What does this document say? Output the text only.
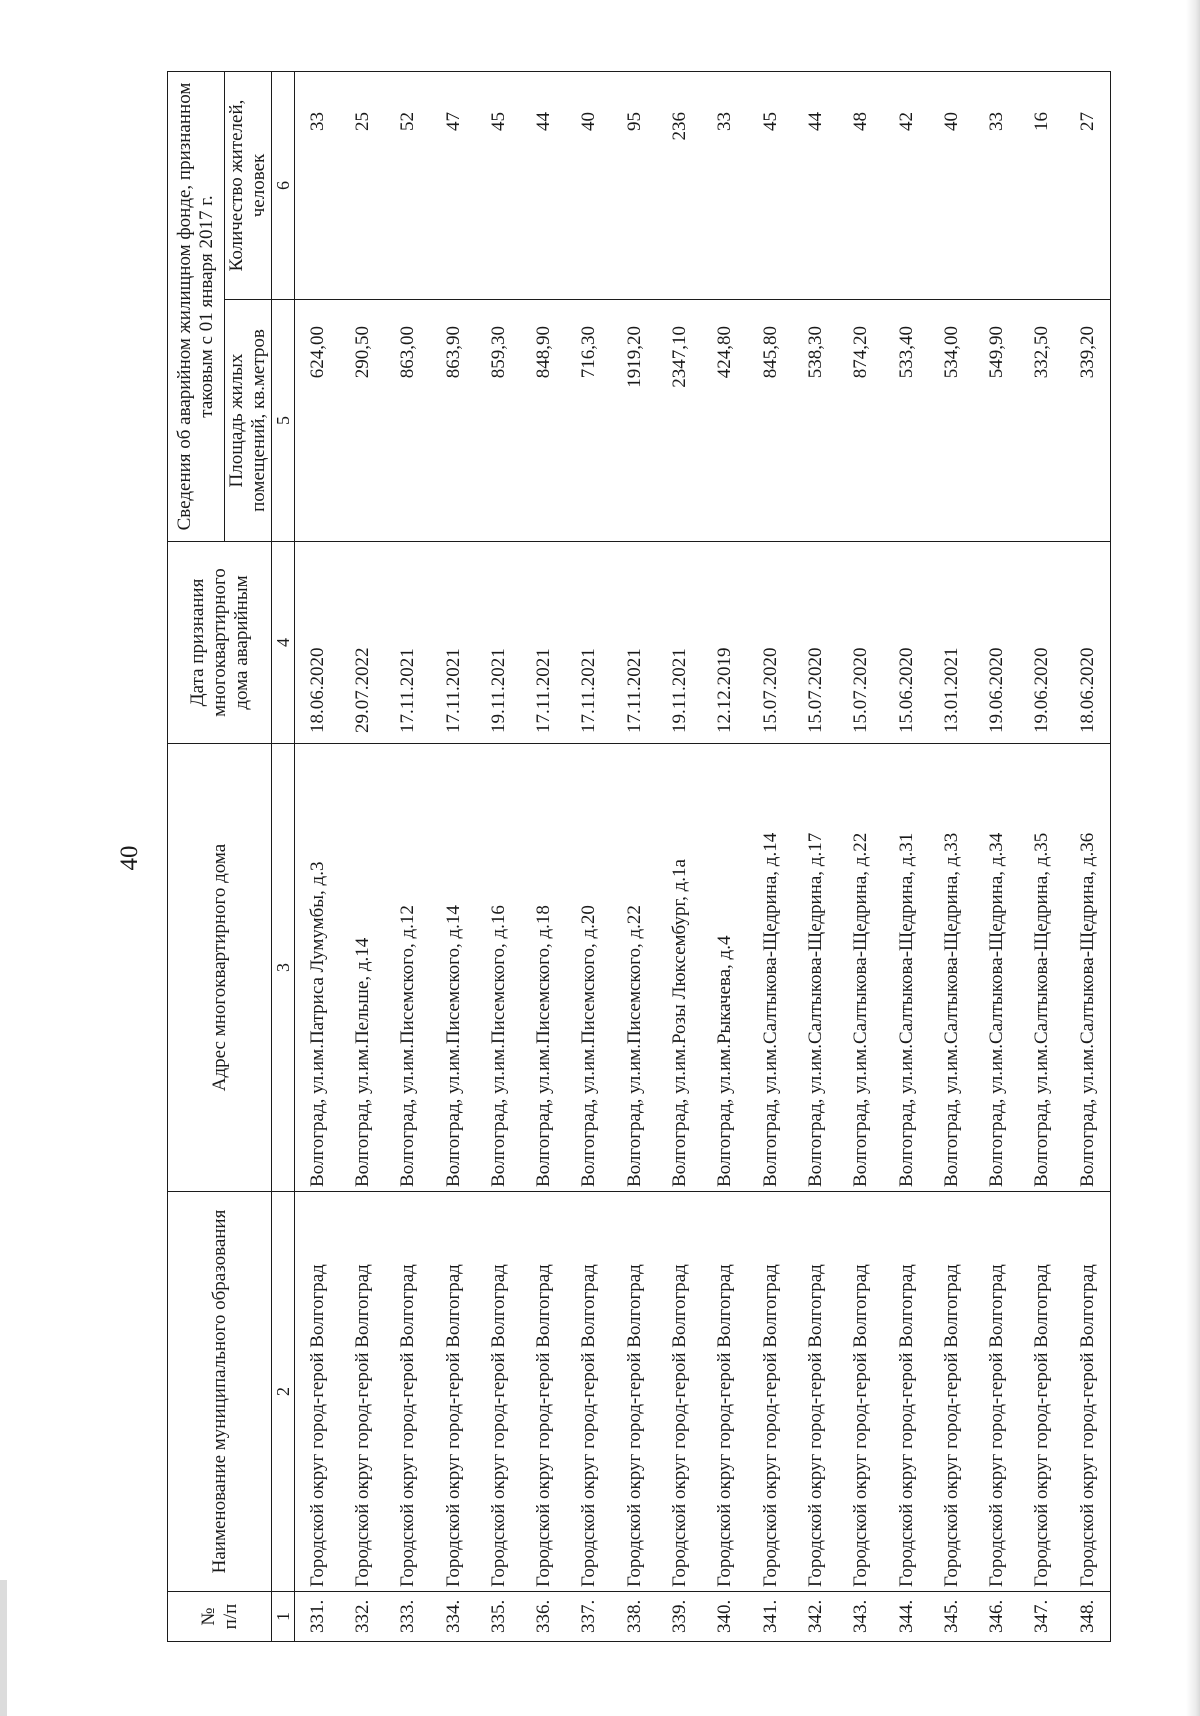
40
№ п/п	Наименование муниципального образования	Адрес многоквартирного дома	Дата признания многоквартирного дома аварийным	Сведения об аварийном жилищном фонде, признанном таковым с 01 января 2017 г.	
				Площадь жилых помещений, кв.метров	Количество жителей, человек
1	2	3	4	5	6
331.	Городской округ город-герой Волгоград	Волгоград, ул.им.Патриса Лумумбы, д.3	18.06.2020	624,00	33
332.	Городской округ город-герой Волгоград	Волгоград, ул.им.Пельше, д.14	29.07.2022	290,50	25
333.	Городской округ город-герой Волгоград	Волгоград, ул.им.Писемского, д.12	17.11.2021	863,00	52
334.	Городской округ город-герой Волгоград	Волгоград, ул.им.Писемского, д.14	17.11.2021	863,90	47
335.	Городской округ город-герой Волгоград	Волгоград, ул.им.Писемского, д.16	19.11.2021	859,30	45
336.	Городской округ город-герой Волгоград	Волгоград, ул.им.Писемского, д.18	17.11.2021	848,90	44
337.	Городской округ город-герой Волгоград	Волгоград, ул.им.Писемского, д.20	17.11.2021	716,30	40
338.	Городской округ город-герой Волгоград	Волгоград, ул.им.Писемского, д.22	17.11.2021	1919,20	95
339.	Городской округ город-герой Волгоград	Волгоград, ул.им.Розы Люксембург, д.1а	19.11.2021	2347,10	236
340.	Городской округ город-герой Волгоград	Волгоград, ул.им.Рыкачева, д.4	12.12.2019	424,80	33
341.	Городской округ город-герой Волгоград	Волгоград, ул.им.Салтыкова-Щедрина, д.14	15.07.2020	845,80	45
342.	Городской округ город-герой Волгоград	Волгоград, ул.им.Салтыкова-Щедрина, д.17	15.07.2020	538,30	44
343.	Городской округ город-герой Волгоград	Волгоград, ул.им.Салтыкова-Щедрина, д.22	15.07.2020	874,20	48
344.	Городской округ город-герой Волгоград	Волгоград, ул.им.Салтыкова-Щедрина, д.31	15.06.2020	533,40	42
345.	Городской округ город-герой Волгоград	Волгоград, ул.им.Салтыкова-Щедрина, д.33	13.01.2021	534,00	40
346.	Городской округ город-герой Волгоград	Волгоград, ул.им.Салтыкова-Щедрина, д.34	19.06.2020	549,90	33
347.	Городской округ город-герой Волгоград	Волгоград, ул.им.Салтыкова-Щедрина, д.35	19.06.2020	332,50	16
348.	Городской округ город-герой Волгоград	Волгоград, ул.им.Салтыкова-Щедрина, д.36	18.06.2020	339,20	27
